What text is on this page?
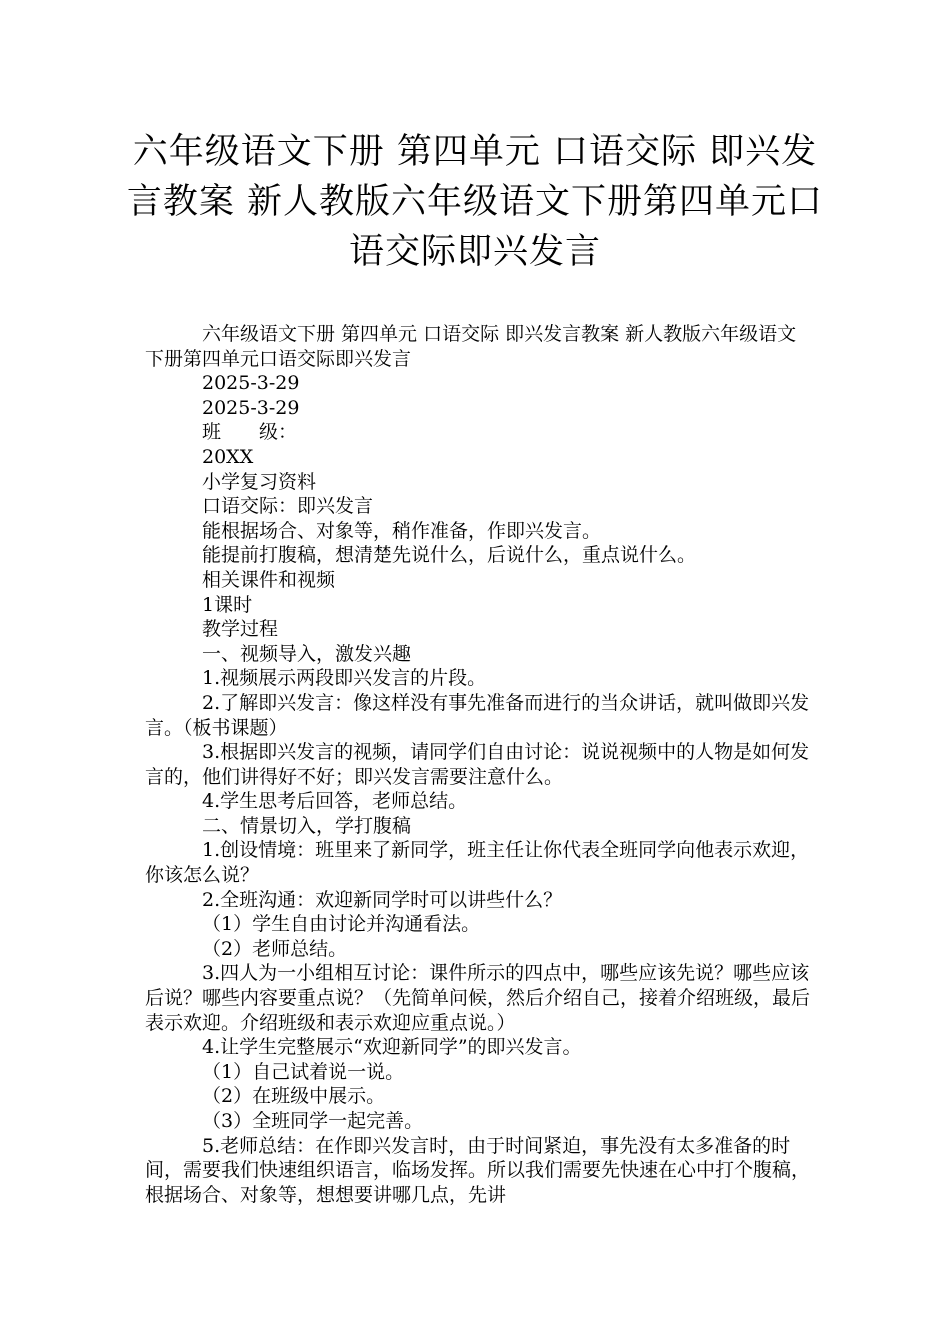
六年级语文下册 第四单元 口语交际 即兴发言教案 新人教版六年级语文下册第四单元口语交际即兴发言

六年级语文下册 第四单元 口语交际 即兴发言教案 新人教版六年级语文下册第四单元口语交际即兴发言

2025-3-29

2025-3-29

班　　级：

20XX

小学复习资料

口语交际：即兴发言

能根据场合、对象等，稍作准备，作即兴发言。

能提前打腹稿，想清楚先说什么，后说什么，重点说什么。

相关课件和视频

1课时

教学过程

一、视频导入，激发兴趣

1.视频展示两段即兴发言的片段。

2.了解即兴发言：像这样没有事先准备而进行的当众讲话，就叫做即兴发言。（板书课题）

3.根据即兴发言的视频，请同学们自由讨论：说说视频中的人物是如何发言的，他们讲得好不好；即兴发言需要注意什么。

4.学生思考后回答，老师总结。

二、情景切入，学打腹稿

1.创设情境：班里来了新同学，班主任让你代表全班同学向他表示欢迎，你该怎么说？

2.全班沟通：欢迎新同学时可以讲些什么？

（1）学生自由讨论并沟通看法。

（2）老师总结。

3.四人为一小组相互讨论：课件所示的四点中，哪些应该先说？哪些应该后说？哪些内容要重点说？（先简单问候，然后介绍自己，接着介绍班级，最后表示欢迎。介绍班级和表示欢迎应重点说。）

4.让学生完整展示“欢迎新同学”的即兴发言。

（1）自己试着说一说。

（2）在班级中展示。

（3）全班同学一起完善。

5.老师总结：在作即兴发言时，由于时间紧迫，事先没有太多准备的时间，需要我们快速组织语言，临场发挥。所以我们需要先快速在心中打个腹稿，根据场合、对象等，想想要讲哪几点，先讲
